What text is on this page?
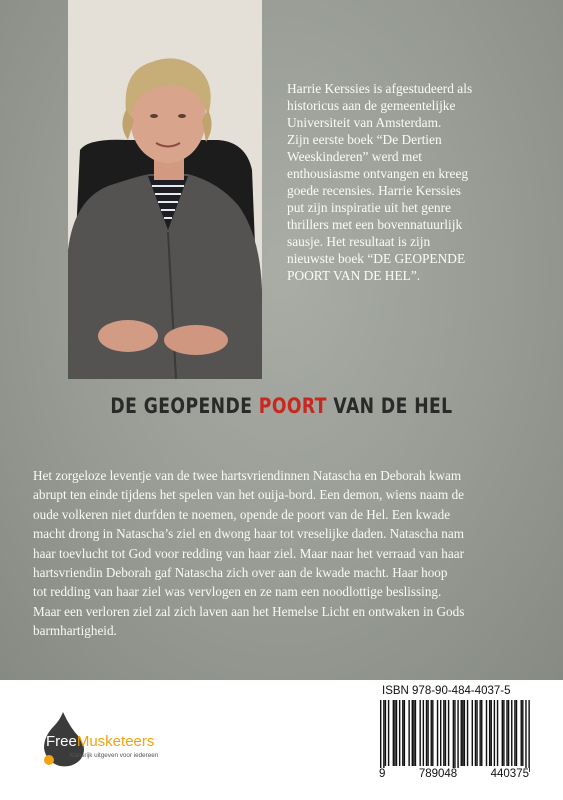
Harrie Kerssies is afgestudeerd als
historicus aan de gemeentelijke
Universiteit van Amsterdam.
Zijn eerste boek “De Dertien
Weeskinderen” werd met
enthousiasme ontvangen en kreeg
goede recensies. Harrie Kerssies
put zijn inspiratie uit het genre
thrillers met een bovennatuurlijk
sausje. Het resultaat is zijn
nieuwste boek “DE GEOPENDE
POORT VAN DE HEL”.
DE GEOPENDE POORT VAN DE HEL
Het zorgeloze leventje van de twee hartsvriendinnen Natascha en Deborah kwam
abrupt ten einde tijdens het spelen van het ouija-bord. Een demon, wiens naam de
oude volkeren niet durfden te noemen, opende de poort van de Hel. Een kwade
macht drong in Natascha’s ziel en dwong haar tot vreselijke daden. Natascha nam
haar toevlucht tot God voor redding van haar ziel. Maar naar het verraad van haar
hartsvriendin Deborah gaf Natascha zich over aan de kwade macht. Haar hoop
tot redding van haar ziel was vervlogen en ze nam een noodlottige beslissing.
Maar een verloren ziel zal zich laven aan het Hemelse Licht en ontwaken in Gods
barmhartigheid.
FreeMusketeers
Kansrijk uitgeven voor iedereen
ISBN 978-90-484-4037-5
9	789048	440375
